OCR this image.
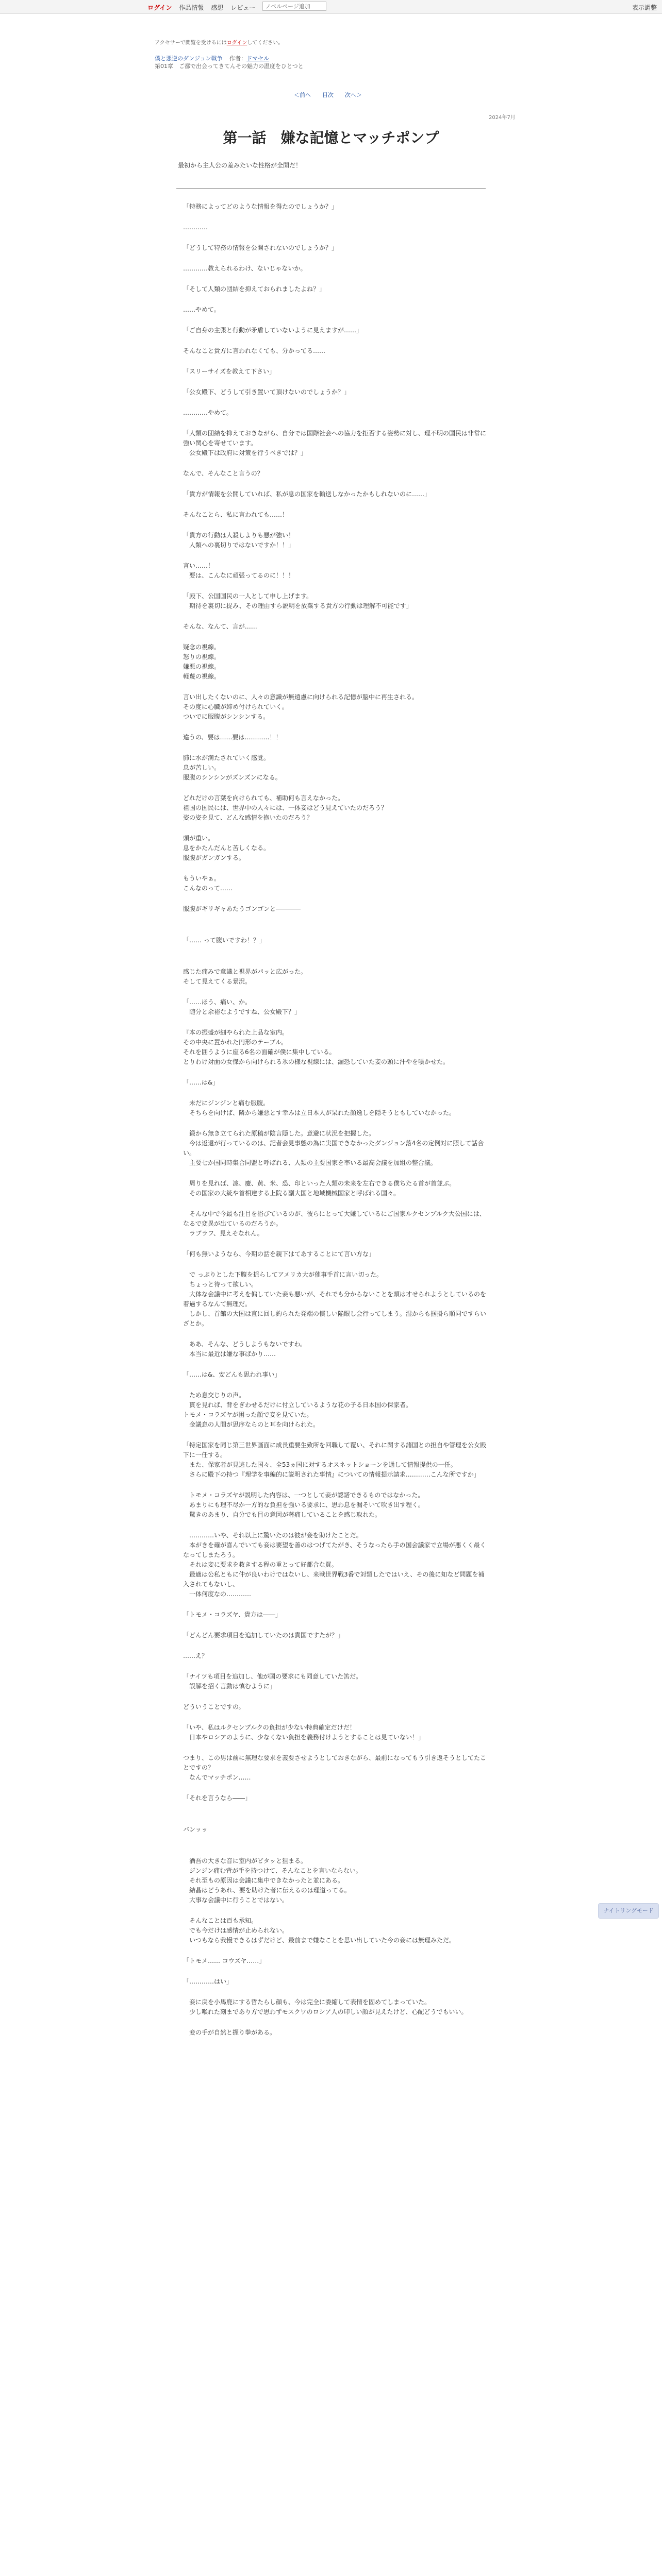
ログイン 作品情報 感想 レビュー
ノベルページ追加	表示調整
アクセサーで閲覧を受けるにはログインしてください。
僕と悪逆のダンジョン戦争 作者：ドマセル
第01章　ご都で出会ってきてんその魅力の温度をひとつと
＜前へ 目次 次へ＞
2024年7月
第一話　嫌な記憶とマッチポンプ
最初から主人公の羞みたいな性格が全開だ！

「特務によってどのような情報を得たのでしょうか？」

…………

「どうして特務の情報を公開されないのでしょうか？」

…………教えられるわけ、ないじゃないか。

「そして人類の団結を抑えておられましたよね？」

……やめて。

「ご自身の主張と行動が矛盾していないように見えますが……」

そんなこと貴方に言われなくても、分かってる……

「スリーサイズを教えて下さい」

「公女殿下、どうして引き置いて頂けないのでしょうか？」

…………やめて。

「人類の団結を抑えておきながら、自分では国際社会への協力を拒否する姿勢に対し、理不明の国民は非常に強い関心を寄せています。
　公女殿下は政府に対策を行うべきでは？」

なんで、そんなこと言うの？

「貴方が情報を公開していれば、私が息の国家を輸送しなかったかもしれないのに……」

そんなことら、私に言われても……！

「貴方の行動は人殺しよりも悪が強い！
　人類への裏切りではないですか！！」

言い……！
　要は、こんなに頑張ってるのに！！！

「殿下、公国国民の一人として申し上げます。
　期待を裏切に捉み、その理由すら説明を放棄する貴方の行動は理解不可能です」

そんな、なんて、言が……

疑念の視線。
怒りの視線。
嫌悪の視線。
軽蔑の視線。

言い出したくないのに、人々の意識が無遠慮に向けられる記憶が脳中に再生される。
その度に心臓が締め付けられていく。
ついでに服腹がシンシンする。

違うの、要は……要は…………！！

肺に水が満たされていく感覚。
息が苦しい。
服腹のシンシンがズンズンになる。

どれだけの言葉を向けられても、補助何も言えなかった。
祖国の国民には、世界中の人々には、一体妾はどう見えていたのだろう？
姿の姿を見て、どんな感情を抱いたのだろう？

頭が重い。
息をかたんだんと苦しくなる。
服腹がガンガンする。

もういやぁ。
こんなのって……

服腹がギリギャあたうゴンゴンと――――

「…… って腹いですわ！？」

感じた痛みで意識と視界がパッと広がった。
そして見えてくる景況。

「……ほう、痛い、か。
　随分と余裕なようですね、公女殿下？」

『本の振盛が細やられた上品な室内。
その中央に置かれた円形のテーブル。
それを囲うように座る6名の面確が僕に集中している。
とりわけ対面の女傑から向けられる氷の様な視線には、漏恐していた妾の頭に汗やを噴かせた。

「……は&」

　未だにジンジンと痛む服腹。
　そちらを向けば、隣から嫌悪とす幸みは立日本人が呆れた顔逸しを隠そうともしていなかった。

　鍛から無き立てられた原稿が陰言隠した。意避に状況を把握した。
　今は返還が行っているのは、記者会見事態の為に実国できなかったダンジョン落4名の定例対に照して話合い。
　主要七か国同時集合同盟と呼ばれる、人類の主要国家を率いる最高会議を加組の整合議。

　周りを見れば、凛、慶、黄、米、恐、印といった人類の未来を左右できる僕ちたる首が首並ぶ。
　その国家の大統や首相達する上院る副大国と地域機械国家と呼ばれる国々。

　そんな中で今最も注目を浴びているのが、彼らにとって大嫌しているにご国家ルクセンブルク大公国には、なるで変異が出ているのだろうか。
　ラブラフ、見えそなれん。

「何も無いようなら、今期の話を親下はてあすることにて言い方な」

　で っぷりとした下腹を揺らしてアメリカ大が催事手首に言い切った。
　ちょっと待って欲しい。
　大体な会議中に考えを偏していた妾も悪いが、それでも分からないことを頭は才せられようとしているのを着過するなんて無理だ。
　しかし、首館の大国は直に回し釣られた発端の慣しい陥眼し会行ってしまう。湿からも掴掛ら順同ですらいざとか。

　ああ、そんな、どうしようもないですわ。
　本当に最近は嫌な事ばかり……

「……は&、安どんも思われ事い」

　ため息交じりの声。
　貫を見れば、背をぎわせるだけに付立しているような花の子る日本国の保家者。
トモメ・コラズヤが困った顔で妾を見ていた。
　金議息の人間が思序ならのと耳を向けられた。

「特定国家を同じ第三世界画面に成長重要生致所を回職して覆い、それに関する諸国との担自や管理を公女殿下に一任する。
　また、保家者が見逃した国々、全53ヵ国に対するオスネットショーンを通して情報提供の一任。
　さらに殿下の持つ『理学を事編的に説明された事情』についての情報提示請求…………こんな所ですか」

　トモメ・コラズヤが説明した内容は、一つとして妾が認諾できるものではなかった。
　あまりにも理不尽か一方的な負担を強いる要求に、思わ息を漏そいて吹き出す程く。
　驚きのあまり、自分でも目の意図が著痛していることを感じ取れた。

　…………いや、それ以上に驚いたのは彼が妾を助けたことだ。
　本がきを確が喜んでいても妾は要望を善のはつげてたがき、そうなったら手の国会議家で立場が悪くく最くなってしまたろう。
　それは妾に要求を救きする程の重とって好都合な買。
　最適は公私ともに仲が良いわけではないし、来戦世界戦3番で対類したではいえ、その後に知など問題を補入されてもないし、
　一体何度なの…………

「トモメ・コラズヤ、貴方は――」

「どんどん要求項目を追加していたのは貴国ですたが？」

……え？

「ナイツも項目を追加し、他が国の要求にも同意していた筈だ。
　誤解を招く言動は慎むように」

どういうことですの。

「いや、私はルクセンブルクの負担が少ない特典確定だけだ！
　日本やロシアのように、少なくない負担を義務付けようとすることは見ていない！」

つまり、この男は前に無理な要求を義要させようとしておきながら、最前になってもう引き返そうとしてたことですの？
　なんでマッチポン……

「それを言うなら――」

バンッッ

　酒吾の大きな音に室内がビタッと狙まる。
　ジンジン痛む背が手を持つけて、そんなことを言いならない。
　それ至もの原因は会議に集中できなかったと並にある。
　結晶はどうあれ、要を助けた者に伝えるのは理道ってる。
　大事な会議中に行うことではない。

　そんなことは百も承知。
　でも今だけは感情が止められない。
　いつもなら我慢できるはずだけど、最前まで嫌なことを思い出していた今の妾には無理みただ。

「トモメ…… コウズヤ……」

「…………はい」

　妾に戻を小馬鹿にする哲たらし顔も、今は完全に委縮して表情を固めてしまっていた。
　少し喉れた刻まであり方で思わずモスクワのロシア人の印しい顔が見えたけど、心配どうでもいい。

　妾の手が自然と握り拳がある。

ナイトリングモード
